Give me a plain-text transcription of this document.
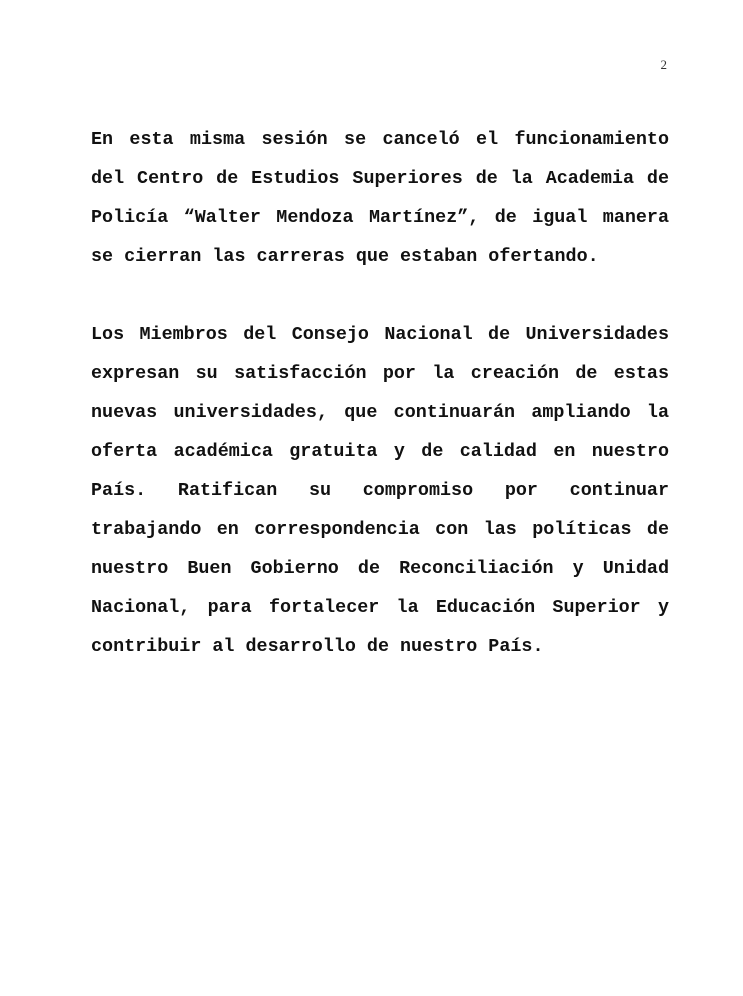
2

En esta misma sesión se canceló el funcionamiento del Centro de Estudios Superiores de la Academia de Policía “Walter Mendoza Martínez”, de igual manera se cierran las carreras que estaban ofertando.

Los Miembros del Consejo Nacional de Universidades expresan su satisfacción por la creación de estas nuevas universidades, que continuarán ampliando la oferta académica gratuita y de calidad en nuestro País. Ratifican su compromiso por continuar trabajando en correspondencia con las políticas de nuestro Buen Gobierno de Reconciliación y Unidad Nacional, para fortalecer la Educación Superior y contribuir al desarrollo de nuestro País.
